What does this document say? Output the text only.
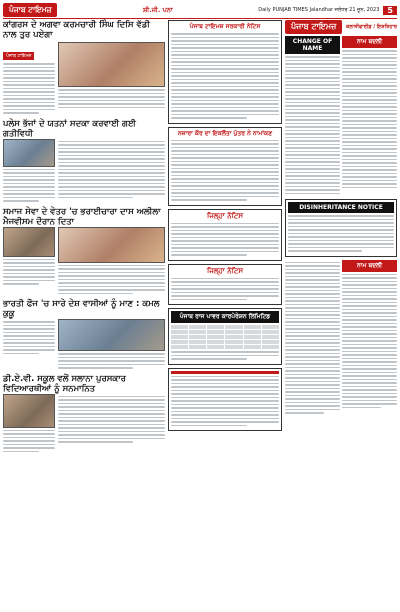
ਪੰਜਾਬ ਟਾਇਮਜ਼	ਸ਼ੀ.ਜੀ. ਪਨਾ	Daily PUNJAB TIMES Jalandhar ਜਲੰਧਰ 21 ਜੂਨ, 2023	5
ਕਾਂਗਰਸ ਦੇ ਅਗਵਾ ਕਰਮਚਾਰੀ ਸਿੰਘ ਦਿਸਿ ਵੱਡੀ ਨਾਲ ਤੁਰ ਪਏਗਾ
ਪੰਜਾਬ ਟਾਇਮਜ਼
ਪਲੇਸ ਭੱਜਾਂ ਦੇ ਯਤਨਾਂ ਸਦਕਾ ਕਰਵਾਈ ਗਈ ਗਤੀਵਿਧੀ
ਸਮਾਜ ਸੇਵਾ ਦੇ ਵੇਤਰ 'ਚ ਭਰਾਈਚਾਰਾ ਦਾਸ ਅਲੀਲਾ ਮੈਜਵੀਸਮ ਦੌਰਾਨ ਦਿਤਾ
ਭਾਰਤੀ ਫੌਜ 'ਚ ਸਾਰੇ ਦੇਸ਼ ਵਾਸੀਆਂ ਨੂੰ ਮਾਣ : ਕਮਲ ਕੁਕੂ
ਡੀ.ਏ.ਵੀ. ਸਕੂਲ ਵਲੋਂ ਸਲਾਨਾ ਪੁਰਸਕਾਰ ਵਿਦਿਆਰਥੀਆਂ ਨੂੰ ਸਨਮਾਨਿਤ
ਪੰਜਾਬ ਟਾਇਮਜ਼ ਸਰਕਾਰੀ ਨੋਟਿਸ
ਨਜ਼ਾਰਾ ਕੌਰ ਦਾ ਇਕਲੌਤਾ ਪੁੱਤਰ ਨੇ ਨਾਮਾਂਕਣ
ਜਿਲ੍ਹਾ ਨੋਟਿਸ
ਜਿਲ੍ਹਾ ਨੋਟਿਸ
ਪੰਜਾਬ ਰਾਜ ਪਾਵਰ ਕਾਰਪੋਰੇਸ਼ਨ ਲਿਮਿਟਿਡ
ਪੰਜਾਬ ਟਾਇਮਜ਼	ਕਲਾਸੀਫਾਈਡ / ਇਸ਼ਤਿਹਾਰ
CHANGE OF NAME
ਨਾਮ ਬਦਲੀ
DISINHERITANCE NOTICE
ਨਾਮ ਬਦਲੀ
